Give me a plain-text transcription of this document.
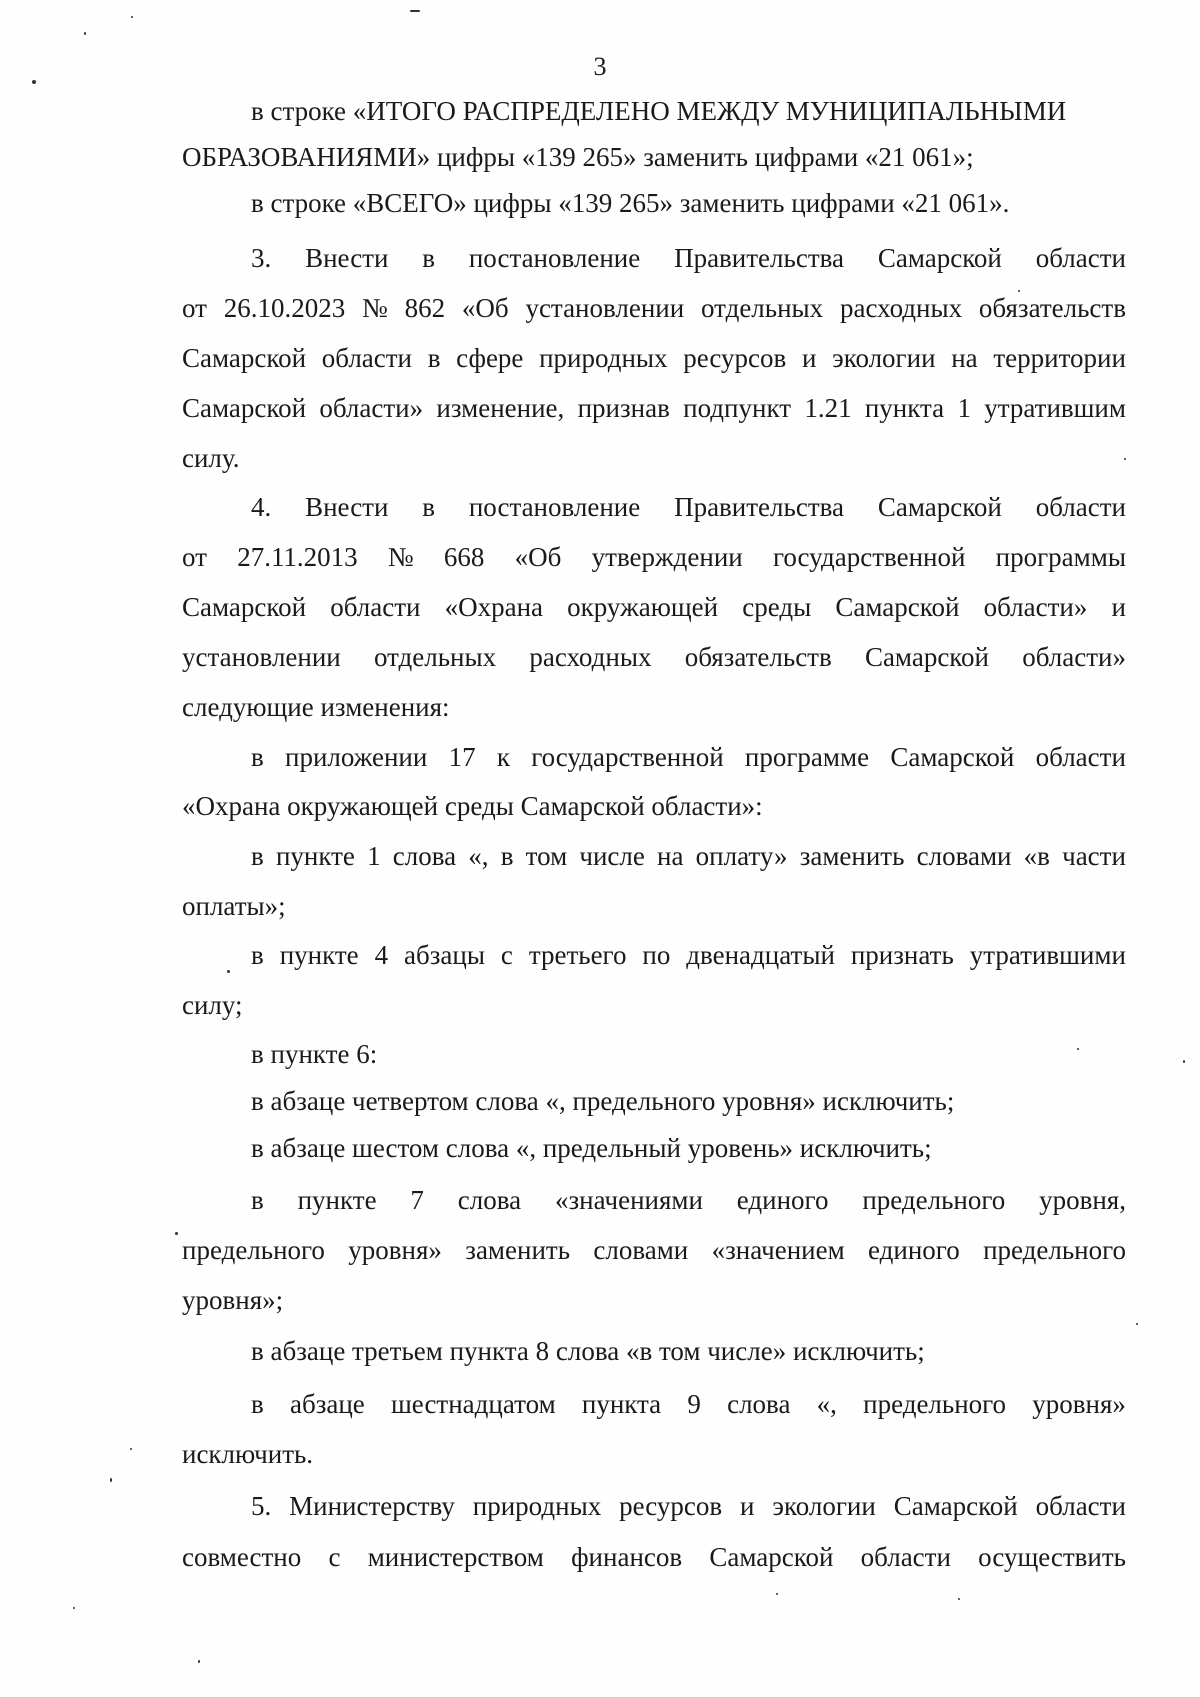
3
в строке «ИТОГО РАСПРЕДЕЛЕНО МЕЖДУ МУНИЦИПАЛЬНЫМИ
ОБРАЗОВАНИЯМИ» цифры «139 265» заменить цифрами «21 061»;
в строке «ВСЕГО» цифры «139 265» заменить цифрами «21 061».
3. Внести в постановление Правительства Самарской области
от 26.10.2023 № 862 «Об установлении отдельных расходных обязательств
Самарской области в сфере природных ресурсов и экологии на территории
Самарской области» изменение, признав подпункт 1.21 пункта 1 утратившим
силу.
4. Внести в постановление Правительства Самарской области
от 27.11.2013 № 668 «Об утверждении государственной программы
Самарской области «Охрана окружающей среды Самарской области» и
установлении отдельных расходных обязательств Самарской области»
следующие изменения:
в приложении 17 к государственной программе Самарской области
«Охрана окружающей среды Самарской области»:
в пункте 1 слова «, в том числе на оплату» заменить словами «в части
оплаты»;
в пункте 4 абзацы с третьего по двенадцатый признать утратившими
силу;
в пункте 6:
в абзаце четвертом слова «, предельного уровня» исключить;
в абзаце шестом слова «, предельный уровень» исключить;
в пункте 7 слова «значениями единого предельного уровня,
предельного уровня» заменить словами «значением единого предельного
уровня»;
в абзаце третьем пункта 8 слова «в том числе» исключить;
в абзаце шестнадцатом пункта 9 слова «, предельного уровня»
исключить.
5. Министерству природных ресурсов и экологии Самарской области
совместно с министерством финансов Самарской области осуществить
